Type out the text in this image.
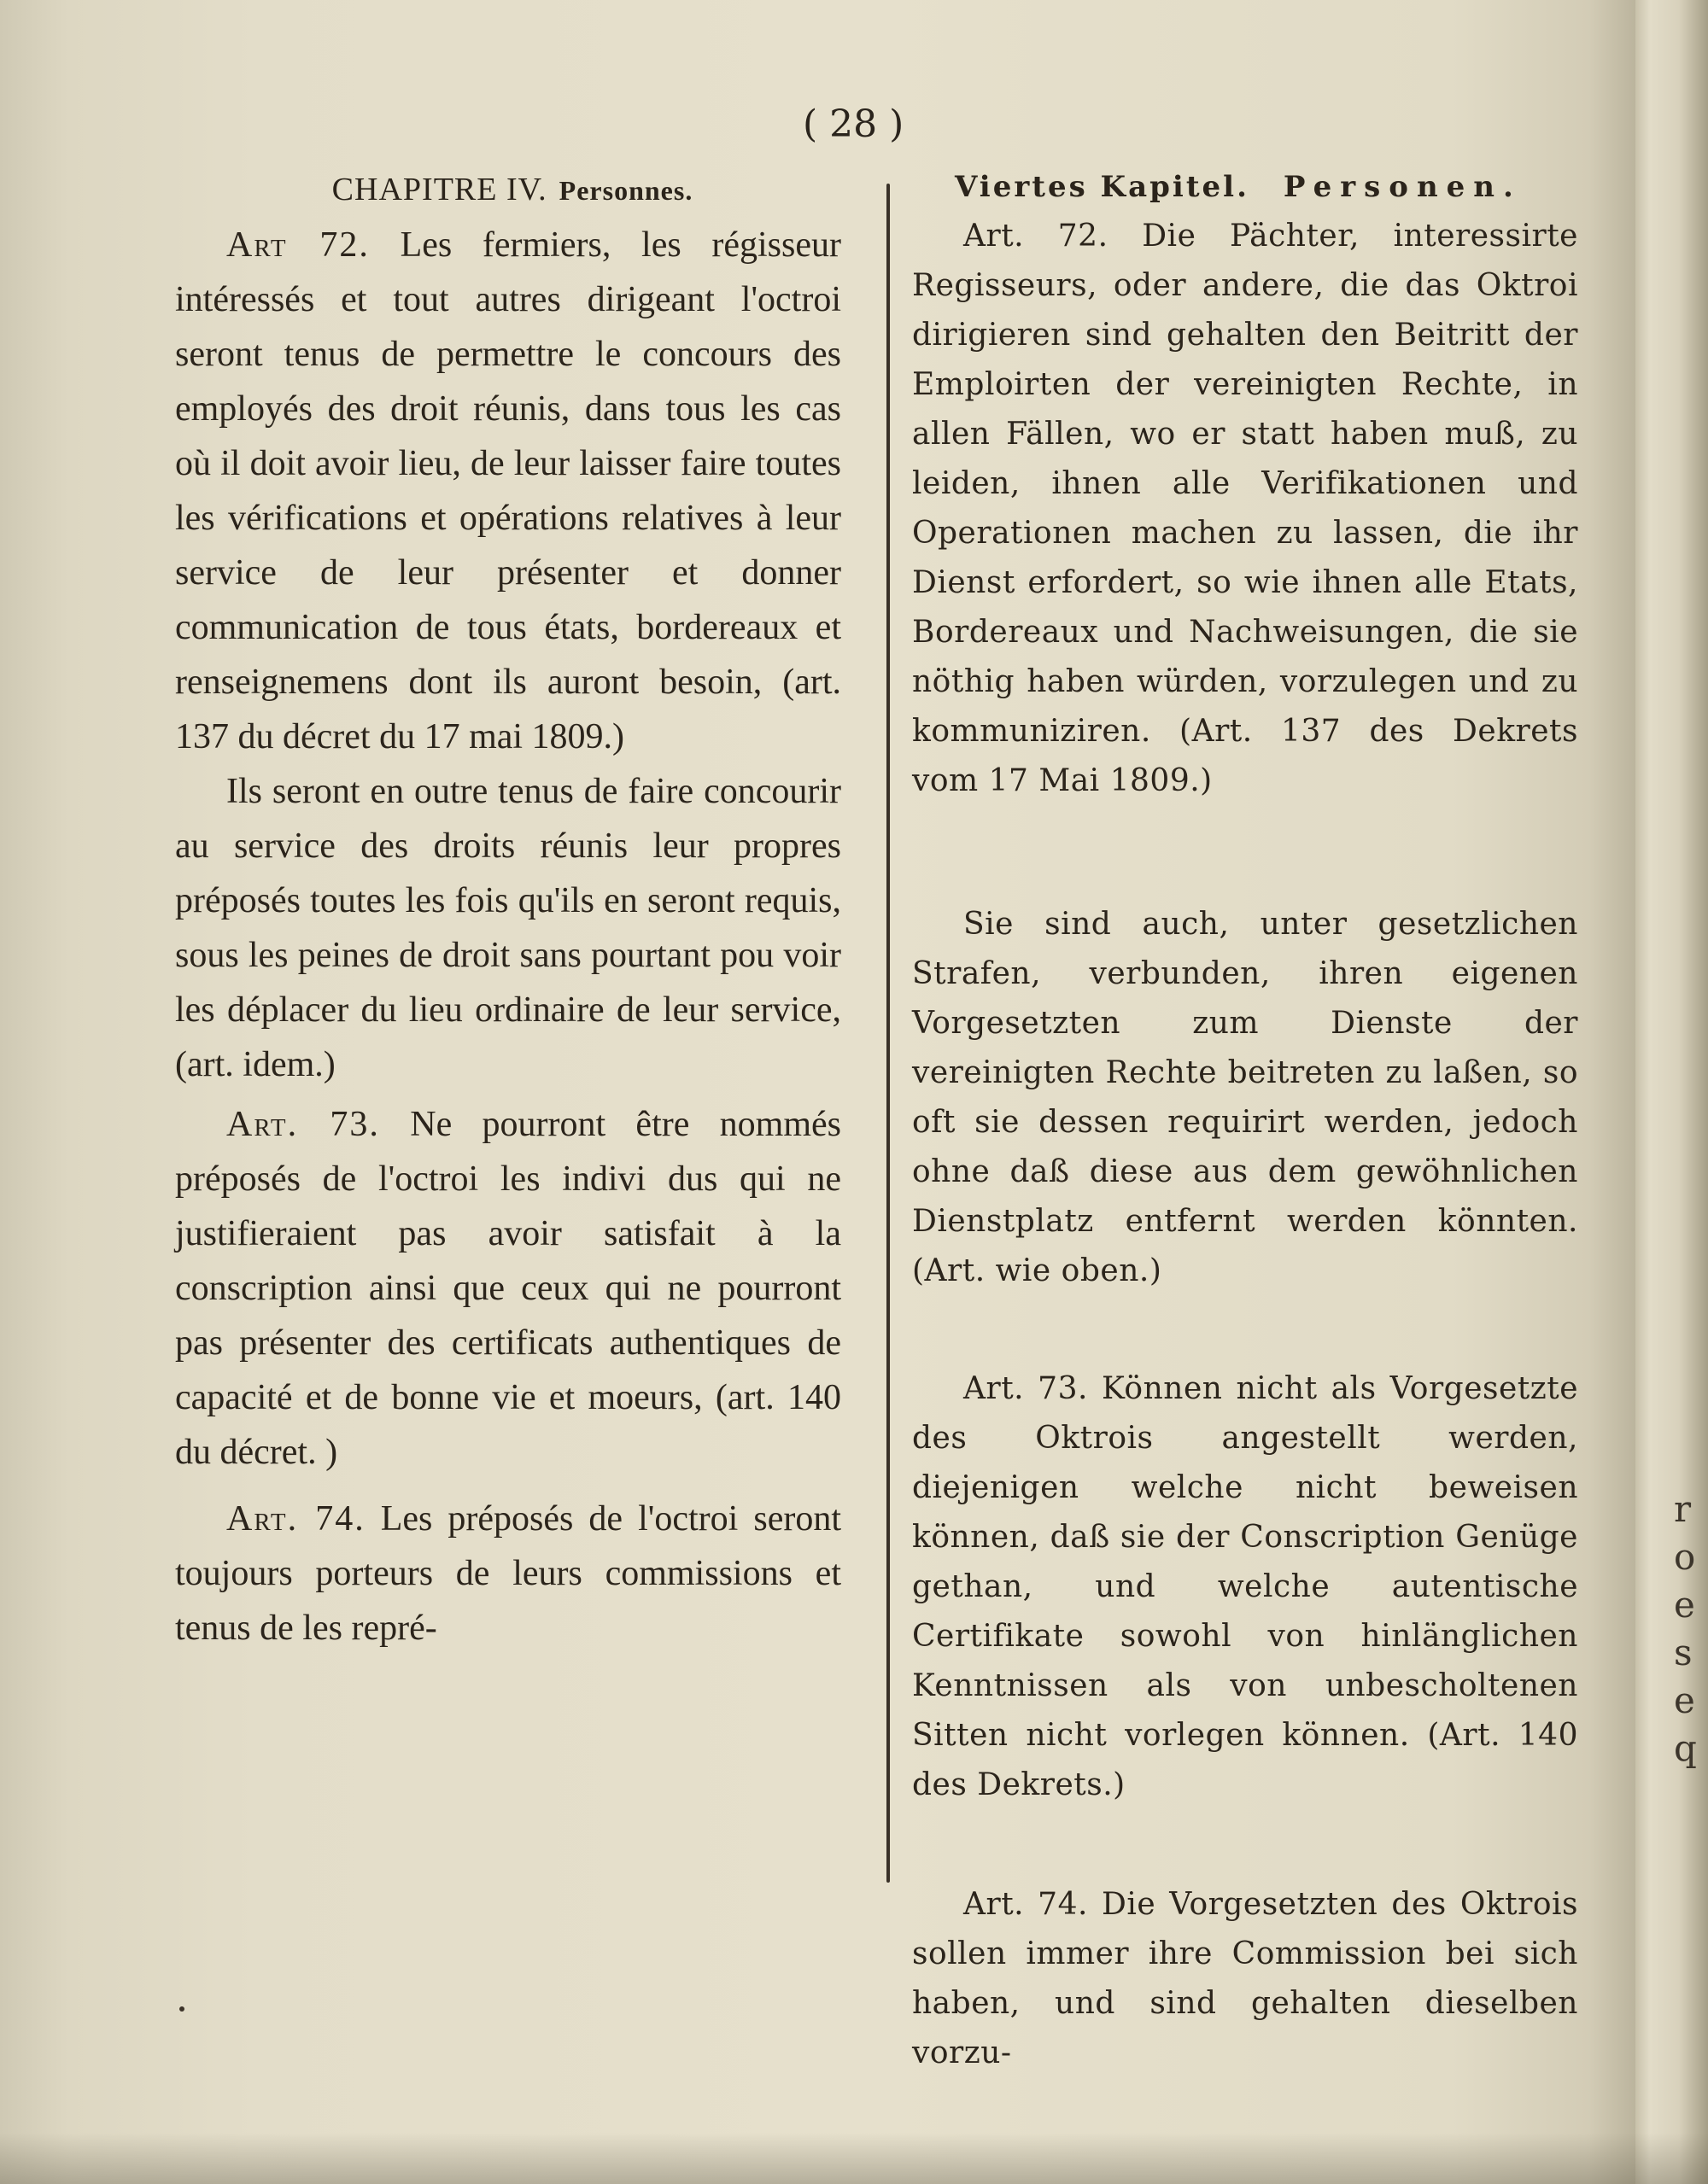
r
o
e
s
e
q
( 28 )
CHAPITRE IV. Personnes.

Art 72. Les fermiers, les régisseur intéressés et tout autres dirigeant l'octroi seront tenus de permettre le concours des employés des droit réunis, dans tous les cas où il doit avoir lieu, de leur laisser faire toutes les vérifications et opérations relatives à leur service de leur présenter et donner communication de tous états, bordereaux et renseignemens dont ils auront besoin, (art. 137 du décret du 17 mai 1809.)

Ils seront en outre tenus de faire concourir au service des droits réunis leur propres préposés toutes les fois qu'ils en seront requis, sous les peines de droit sans pourtant pou voir les déplacer du lieu ordinaire de leur service, (art. idem.)

Art. 73. Ne pourront être nommés préposés de l'octroi les indivi dus qui ne justifieraient pas avoir satisfait à la conscription ainsi que ceux qui ne pourront pas présenter des certificats authentiques de capacité et de bonne vie et moeurs, (art. 140 du décret. )

Art. 74. Les préposés de l'octroi seront toujours porteurs de leurs commissions et tenus de les repré-

Viertes Kapitel. Personen.

Art. 72. Die Pächter, interessirte Regisseurs, oder andere, die das Oktroi dirigieren sind gehalten den Beitritt der Emploirten der vereinigten Rechte, in allen Fällen, wo er statt haben muß, zu leiden, ihnen alle Verifikationen und Operationen machen zu lassen, die ihr Dienst erfordert, so wie ihnen alle Etats, Bordereaux und Nachweisungen, die sie nöthig haben würden, vorzulegen und zu kommuniziren. (Art. 137 des Dekrets vom 17 Mai 1809.)

Sie sind auch, unter gesetzlichen Strafen, verbunden, ihren eigenen Vorgesetzten zum Dienste der vereinigten Rechte beitreten zu laßen, so oft sie dessen requirirt werden, jedoch ohne daß diese aus dem gewöhnlichen Dienstplatz entfernt werden könnten. (Art. wie oben.)

Art. 73. Können nicht als Vorgesetzte des Oktrois angestellt werden, diejenigen welche nicht beweisen können, daß sie der Conscription Genüge gethan, und welche autentische Certifikate sowohl von hinlänglichen Kenntnissen als von unbescholtenen Sitten nicht vorlegen können. (Art. 140 des Dekrets.)

Art. 74. Die Vorgesetzten des Oktrois sollen immer ihre Commission bei sich haben, und sind gehalten dieselben vorzu-
